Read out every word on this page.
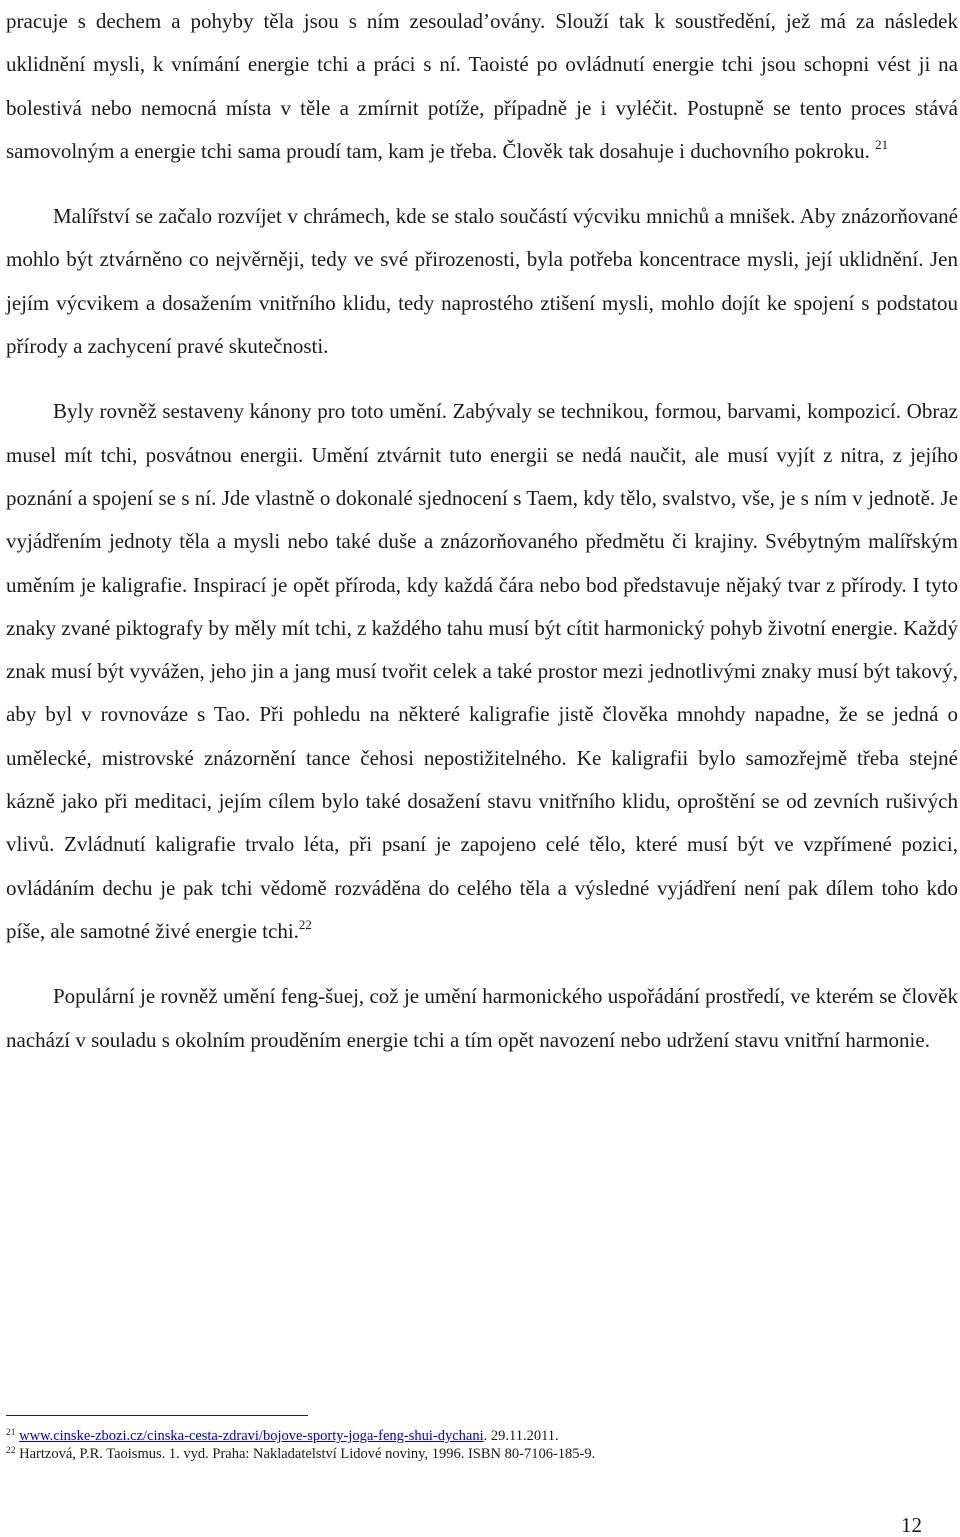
pracuje s dechem a pohyby těla jsou s ním zesouladʼovány. Slouží tak k soustředění, jež má za následek uklidnění mysli, k vnímání energie tchi a práci s ní. Taoisté po ovládnutí energie tchi jsou schopni vést ji na bolestivá nebo nemocná místa v těle a zmírnit potíže, případně je i vyléčit. Postupně se tento proces stává samovolným a energie tchi sama proudí tam, kam je třeba. Člověk tak dosahuje i duchovního pokroku. $^{21}$

Malířství se začalo rozvíjet v chrámech, kde se stalo součástí výcviku mnichů a mnišek. Aby znázorňované mohlo být ztvárněno co nejvěrněji, tedy ve své přirozenosti, byla potřeba koncentrace mysli, její uklidnění. Jen jejím výcvikem a dosažením vnitřního klidu, tedy naprostého ztišení mysli, mohlo dojít ke spojení s podstatou přírody a zachycení pravé skutečnosti.

Byly rovněž sestaveny kánony pro toto umění. Zabývaly se technikou, formou, barvami, kompozicí. Obraz musel mít tchi, posvátnou energii. Umění ztvárnit tuto energii se nedá naučit, ale musí vyjít z nitra, z jejího poznání a spojení se s ní. Jde vlastně o dokonalé sjednocení s Taem, kdy tělo, svalstvo, vše, je s ním v jednotě. Je vyjádřením jednoty těla a mysli nebo také duše a znázorňovaného předmětu či krajiny. Svébytným malířským uměním je kaligrafie. Inspirací je opět příroda, kdy každá čára nebo bod představuje nějaký tvar z přírody. I tyto znaky zvané piktografy by měly mít tchi, z každého tahu musí být cítit harmonický pohyb životní energie. Každý znak musí být vyvážen, jeho jin a jang musí tvořit celek a také prostor mezi jednotlivými znaky musí být takový, aby byl v rovnováze s Tao. Při pohledu na některé kaligrafie jistě člověka mnohdy napadne, že se jedná o umělecké, mistrovské znázornění tance čehosi nepostižitelného. Ke kaligrafii bylo samozřejmě třeba stejné kázně jako při meditaci, jejím cílem bylo také dosažení stavu vnitřního klidu, oproštění se od zevních rušivých vlivů. Zvládnutí kaligrafie trvalo léta, při psaní je zapojeno celé tělo, které musí být ve vzpřímené pozici, ovládáním dechu je pak tchi vědomě rozváděna do celého těla a výsledné vyjádření není pak dílem toho kdo píše, ale samotné živé energie tchi.$^{22}$

Populární je rovněž umění feng-šuej, což je umění harmonického uspořádání prostředí, ve kterém se člověk nachází v souladu s okolním prouděním energie tchi a tím opět navození nebo udržení stavu vnitřní harmonie.

$^{21}$ www.cinske-zbozi.cz/cinska-cesta-zdravi/bojove-sporty-joga-feng-shui-dychani. 29.11.2011.
$^{22}$ Hartzová, P.R. Taoismus. 1. vyd. Praha: Nakladatelství Lidové noviny, 1996. ISBN 80-7106-185-9.
12
